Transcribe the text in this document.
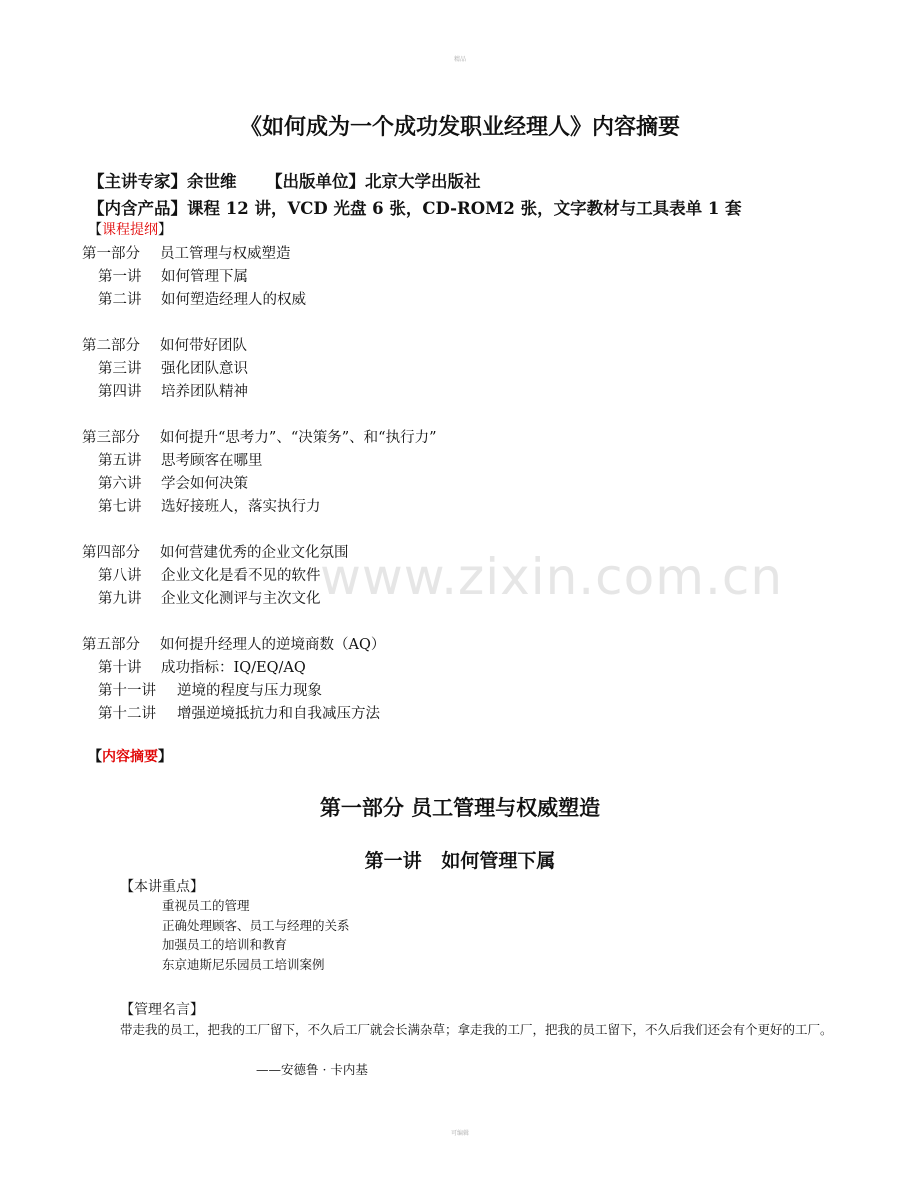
精品
www.zixin.com.cn
《如何成为一个成功发职业经理人》内容摘要
【主讲专家】余世维 【出版单位】北京大学出版社
【内含产品】课程 12 讲，VCD 光盘 6 张，CD-ROM2 张，文字教材与工具表单 1 套
【课程提纲】
第一部分 员工管理与权威塑造
第一讲 如何管理下属
第二讲 如何塑造经理人的权威
第二部分 如何带好团队
第三讲 强化团队意识
第四讲 培养团队精神
第三部分 如何提升“思考力”、“决策务”、和“执行力”
第五讲 思考顾客在哪里
第六讲 学会如何决策
第七讲 选好接班人，落实执行力
第四部分 如何营建优秀的企业文化氛围
第八讲 企业文化是看不见的软件
第九讲 企业文化测评与主次文化
第五部分 如何提升经理人的逆境商数（AQ）
第十讲 成功指标：IQ/EQ/AQ
第十一讲 逆境的程度与压力现象
第十二讲 增强逆境抵抗力和自我减压方法
【内容摘要】
第一部分 员工管理与权威塑造
第一讲   如何管理下属
【本讲重点】
重视员工的管理
正确处理顾客、员工与经理的关系
加强员工的培训和教育
东京迪斯尼乐园员工培训案例
【管理名言】
带走我的员工，把我的工厂留下，不久后工厂就会长满杂草；拿走我的工厂，把我的员工留下，不久后我们还会有个更好的工厂。
——安德鲁 · 卡内基
可编辑
